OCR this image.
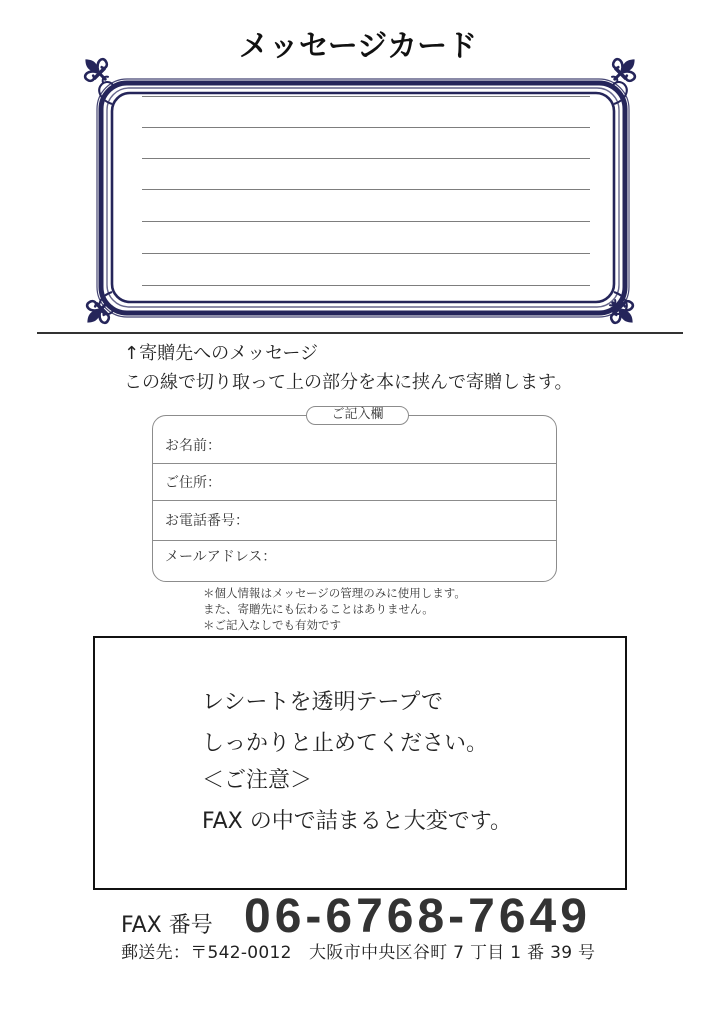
メッセージカード
↑寄贈先へのメッセージ
この線で切り取って上の部分を本に挟んで寄贈します。
お名前：
ご住所：
お電話番号：
メールアドレス：
ご記入欄
＊個人情報はメッセージの管理のみに使用します。
また、寄贈先にも伝わることはありません。
＊ご記入なしでも有効です
レシートを透明テープで
しっかりと止めてください。
＜ご注意＞
FAX の中で詰まると大変です。
FAX 番号 06-6768-7649
郵送先：〒542-0012　大阪市中央区谷町 7 丁目 1 番 39 号
